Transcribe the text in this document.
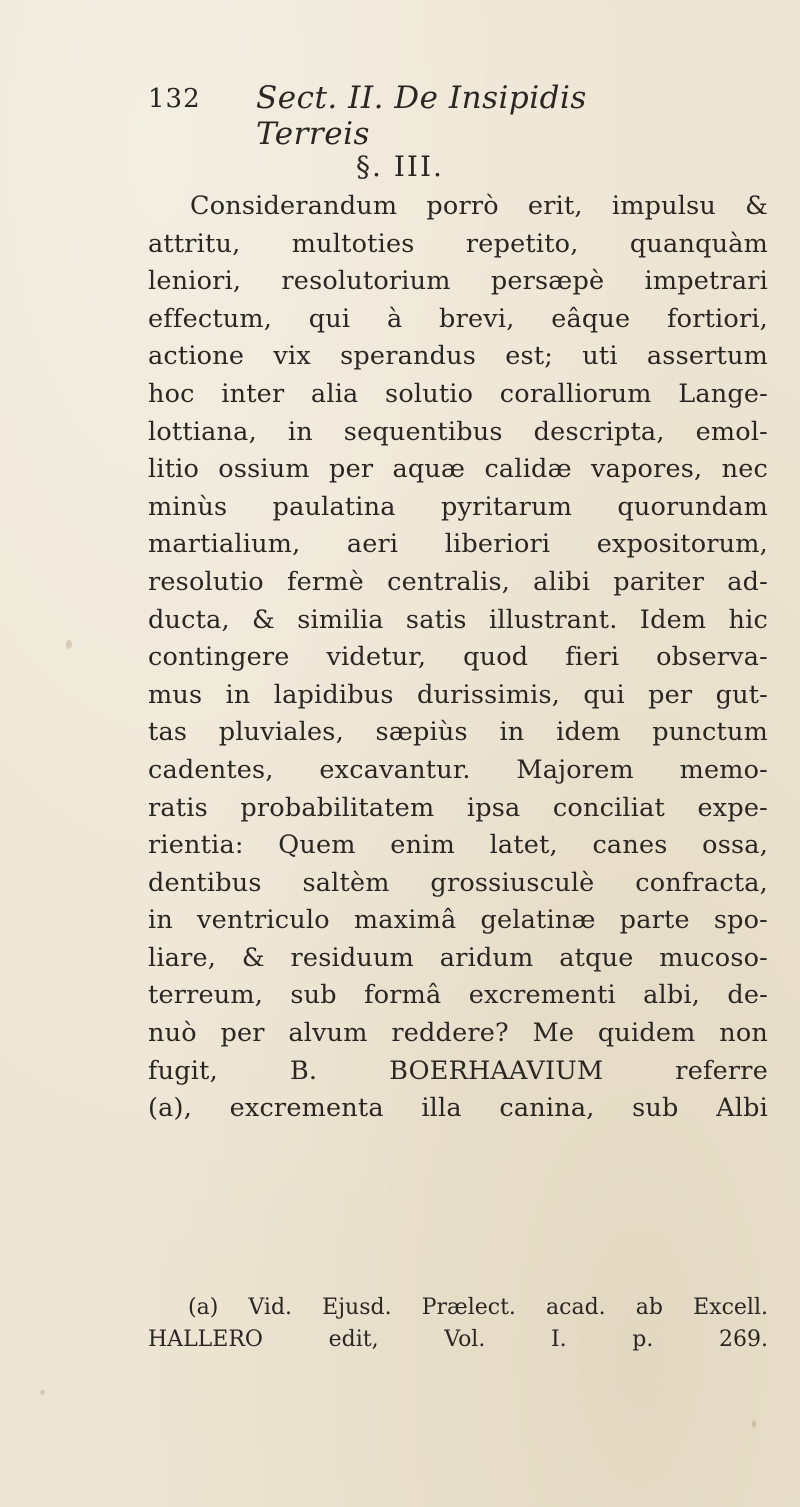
132 Sect. II. De Insipidis Terreis
§. III.
Considerandum porrò erit, impulsu &
attritu, multoties repetito, quanquàm
leniori, resolutorium persæpè impetrari
effectum, qui à brevi, eâque fortiori,
actione vix sperandus est; uti assertum
hoc inter alia solutio coralliorum Lange-
lottiana, in sequentibus descripta, emol-
litio ossium per aquæ calidæ vapores, nec
minùs paulatina pyritarum quorundam
martialium, aeri liberiori expositorum,
resolutio fermè centralis, alibi pariter ad-
ducta, & similia satis illustrant. Idem hic
contingere videtur, quod fieri observa-
mus in lapidibus durissimis, qui per gut-
tas pluviales, sæpiùs in idem punctum
cadentes, excavantur. Majorem memo-
ratis probabilitatem ipsa conciliat expe-
rientia: Quem enim latet, canes ossa,
dentibus saltèm grossiusculè confracta,
in ventriculo maximâ gelatinæ parte spo-
liare, & residuum aridum atque mucoso-
terreum, sub formâ excrementi albi, de-
nuò per alvum reddere? Me quidem non
fugit, B. BOERHAAVIUM referre
(a), excrementa illa canina, sub Albi
(a) Vid. Ejusd. Prælect. acad. ab Excell.
HALLERO edit, Vol. I. p. 269.
